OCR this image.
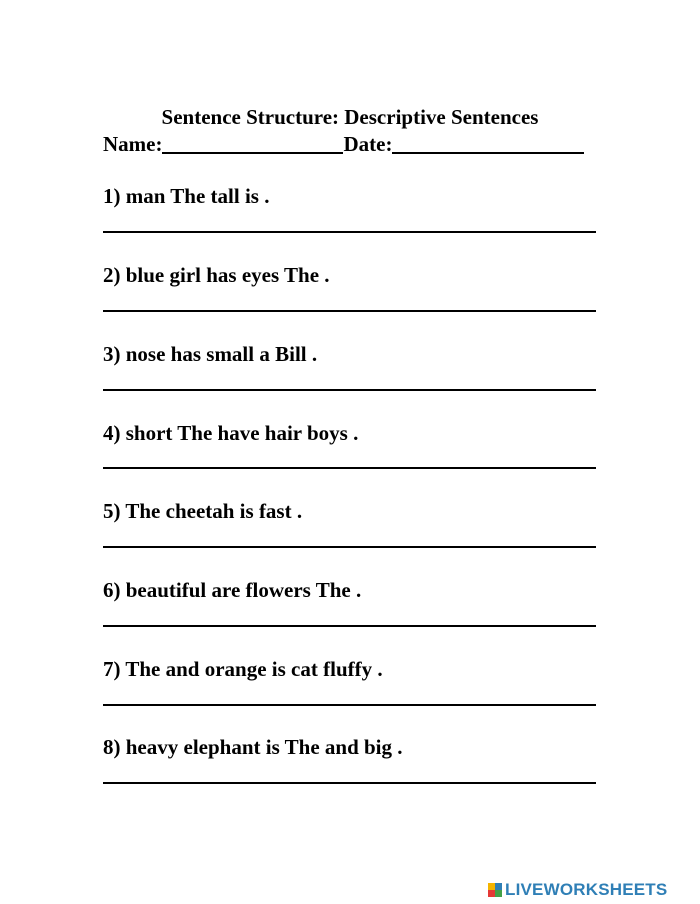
Sentence Structure: Descriptive Sentences
Name:	Date:
1) man The tall is .
2) blue girl has eyes The .
3) nose has small a Bill .
4) short The have hair boys .
5) The cheetah is fast .
6) beautiful are flowers The .
7) The and orange is cat fluffy .
8) heavy elephant is The and big .
LIVEWORKSHEETS
